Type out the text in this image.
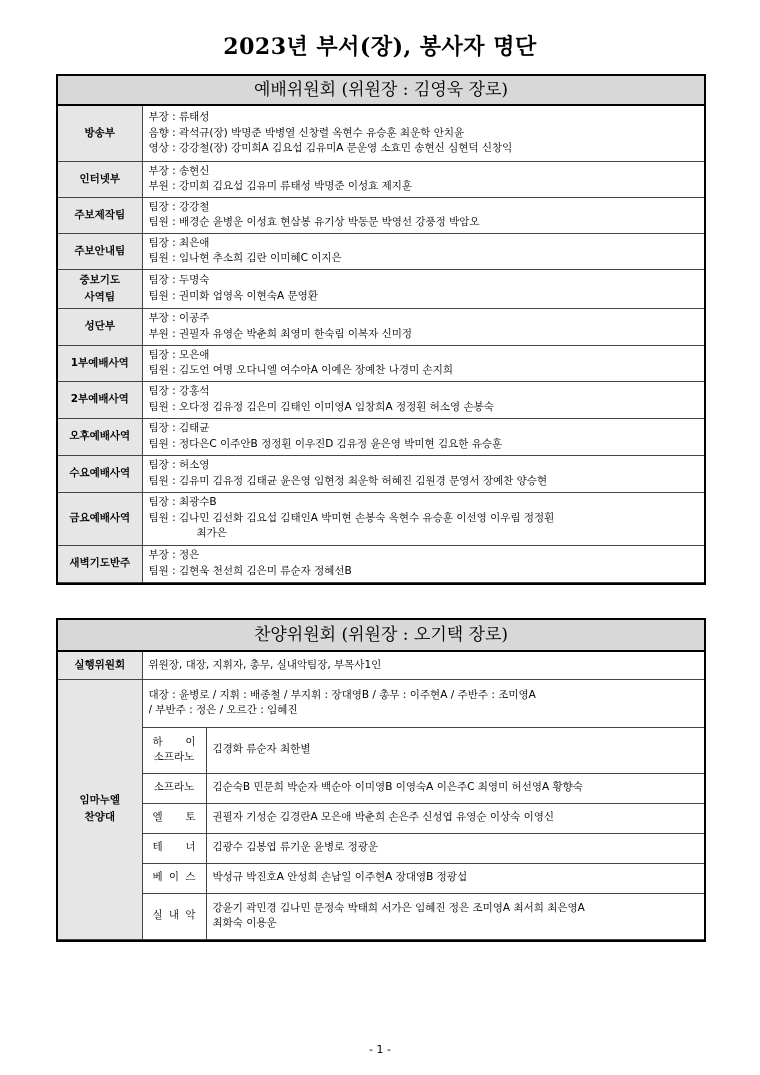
2023년 부서(장), 봉사자 명단
예배위원회 (위원장 : 김영욱 장로)
방송부	부장 : 류태성
음향 : 곽석규(장) 박명준 박병열 신창렬 옥현수 유승훈 최운학 안치윤
영상 : 강강철(장) 강미희A 김요섭 김유미A 문운영 소효민 송현신 심현덕 신창익

인터넷부	부장 : 송현신
부원 : 강미희 김요섭 김유미 류태성 박명준 이성효 제지훈

주보제작팀	팀장 : 강강철
팀원 : 배경순 윤병운 이성효 현삼봉 유기상 박동문 박영선 강풍정 박암오

주보안내팀	팀장 : 최은애
팀원 : 임나현 추소희 김란 이미혜C 이지은

중보기도
사역팀	팀장 : 두명숙
팀원 : 권미화 엄영옥 이현숙A 문영환

성단부	부장 : 이공주
부원 : 권필자 유영순 박춘희 최영미 한숙림 이복자 신미정

1부예배사역	팀장 : 모은애
팀원 : 김도언 여명 오다니엘 여수아A 이예은 장예찬 나경미 손지희

2부예배사역	팀장 : 강홍석
팀원 : 오다정 김유정 김은미 김태인 이미영A 임창희A 정정훤 허소영 손봉숙

오후예배사역	팀장 : 김태균
팀원 : 정다은C 이주안B 정정훤 이우진D 김유정 윤은영 박미현 김요한 유승훈

수요예배사역	팀장 : 허소영
팀원 : 김유미 김유정 김태균 윤은영 임현정 최운학 허혜진 김원경 문영서 장예찬 양승현

금요예배사역	팀장 : 최광수B
팀원 : 김나민 김선화 김요섭 김태인A 박미현 손봉숙 옥현수 유승훈 이선영 이우림 정정훤
최가은

새벽기도반주	부장 : 정은
팀원 : 김현욱 천선희 김은미 류순자 정혜선B
찬양위원회 (위원장 : 오기택 장로)
실행위원회	위원장, 대장, 지휘자, 총무, 실내악팀장, 부목사1인	

임마누엘
찬양대	대장 : 윤병로 / 지휘 : 배종철 / 부지휘 : 장대영B / 총무 : 이주현A / 주반주 : 조미영A
/ 부반주 : 정은 / 오르간 : 임혜진	

	하 이
소프라노	김경화 류순자 최한별

	소프라노	김순숙B 민문희 박순자 백순아 이미영B 이영숙A 이은주C 최영미 허선영A 황향숙

	엘 토	권필자 기성순 김경란A 모은애 박춘희 손은주 신성엽 유영순 이상숙 이영신

	테 너	김광수 김봉엽 류기운 윤병로 정광운

	베 이 스	박성규 박진호A 안성희 손남일 이주현A 장대영B 정광섭

	실 내 악	강윤기 곽민경 김나민 문정숙 박태희 서가은 임혜진 정은 조미영A 최서희 최은영A
최화숙 이용운
- 1 -
